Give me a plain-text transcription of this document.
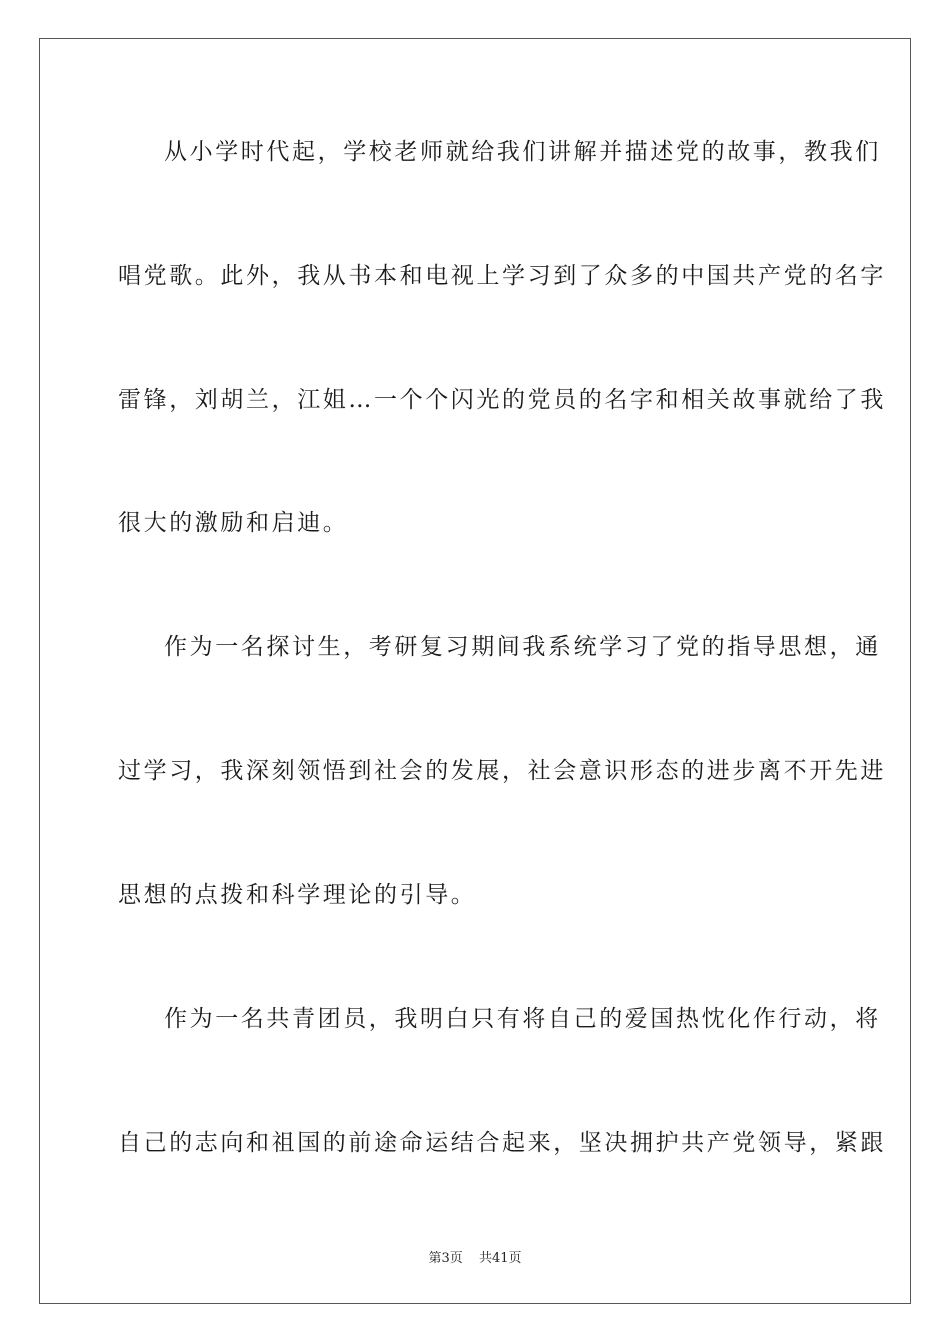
从小学时代起，学校老师就给我们讲解并描述党的故事，教我们
唱党歌。此外，我从书本和电视上学习到了众多的中国共产党的名字
雷锋，刘胡兰，江姐…一个个闪光的党员的名字和相关故事就给了我
很大的激励和启迪。
作为一名探讨生，考研复习期间我系统学习了党的指导思想，通
过学习，我深刻领悟到社会的发展，社会意识形态的进步离不开先进
思想的点拨和科学理论的引导。
作为一名共青团员，我明白只有将自己的爱国热忱化作行动，将
自己的志向和祖国的前途命运结合起来，坚决拥护共产党领导，紧跟
第3页 共41页
